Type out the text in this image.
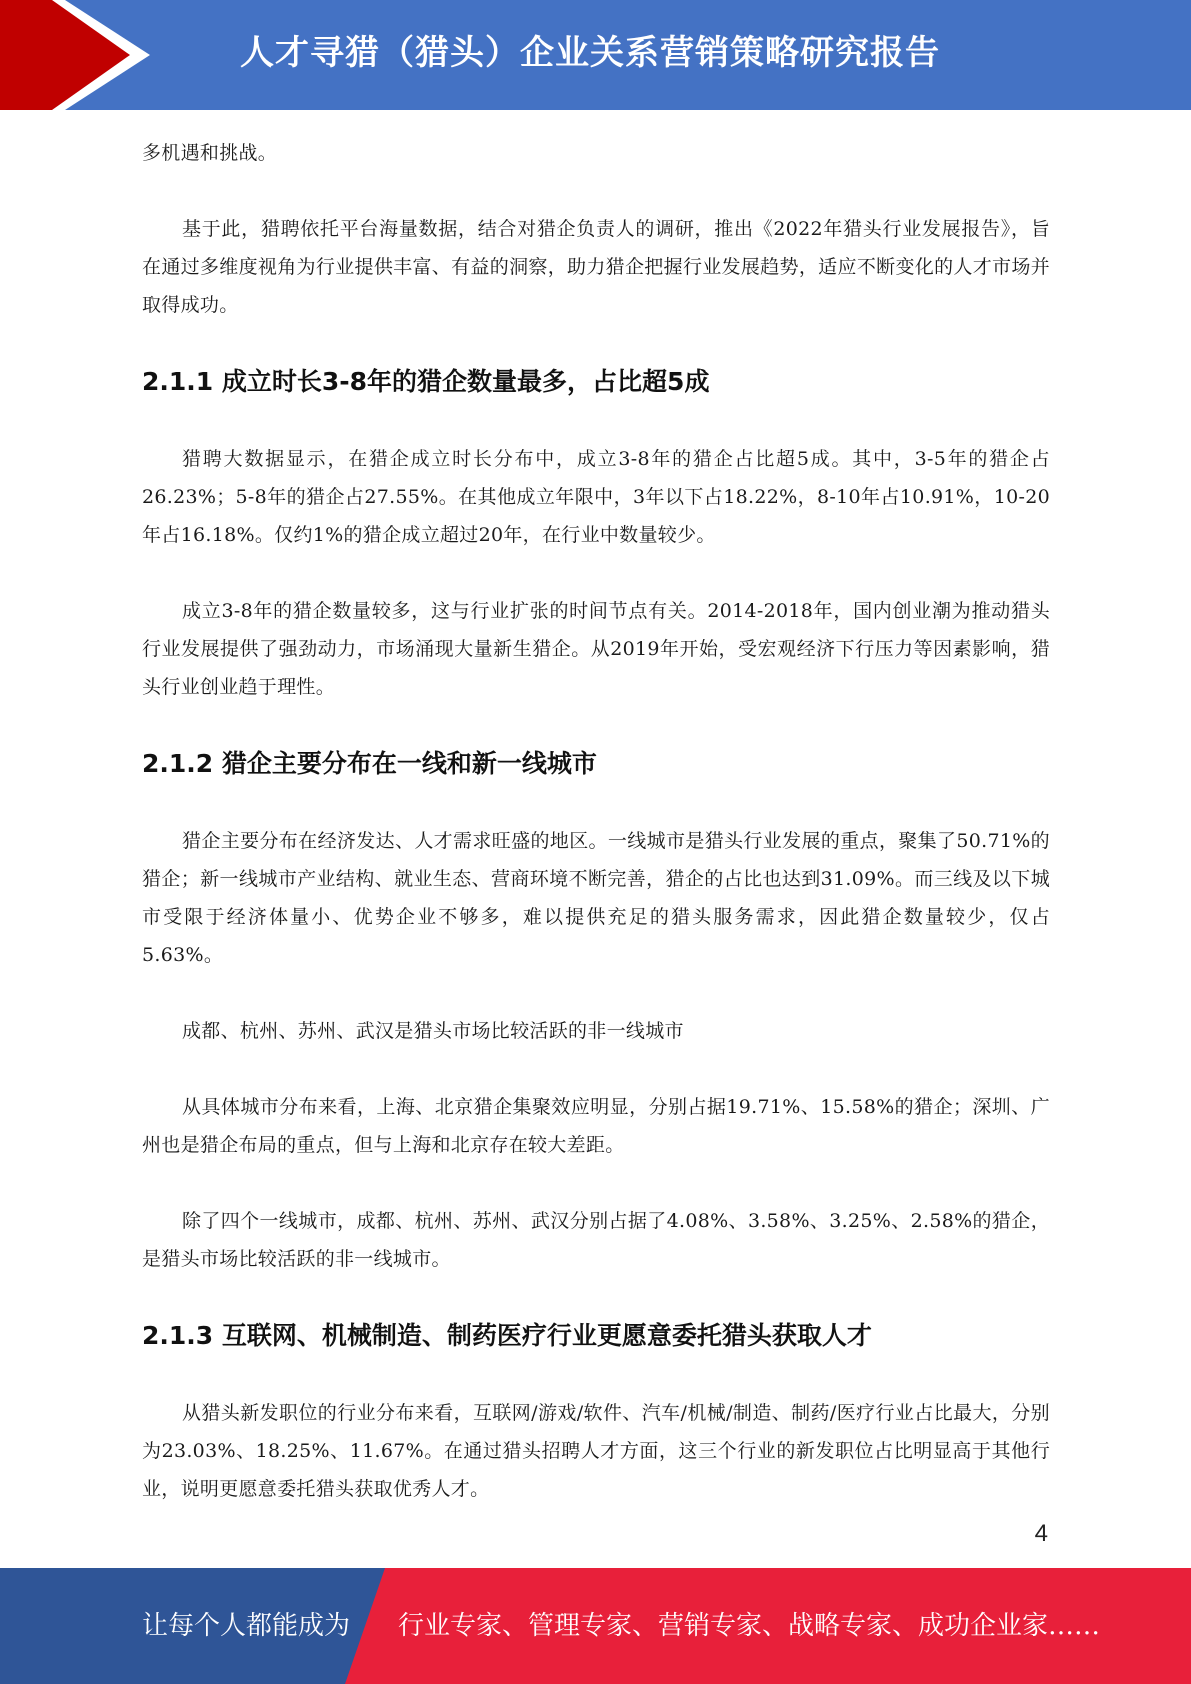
人才寻猎（猎头）企业关系营销策略研究报告

多机遇和挑战。

基于此，猎聘依托平台海量数据，结合对猎企负责人的调研，推出《2022年猎头行业发展报告》，旨在通过多维度视角为行业提供丰富、有益的洞察，助力猎企把握行业发展趋势，适应不断变化的人才市场并取得成功。

2.1.1 成立时长3-8年的猎企数量最多，占比超5成

猎聘大数据显示，在猎企成立时长分布中，成立3-8年的猎企占比超5成。其中，3-5年的猎企占26.23%；5-8年的猎企占27.55%。在其他成立年限中，3年以下占18.22%，8-10年占10.91%，10-20年占16.18%。仅约1%的猎企成立超过20年，在行业中数量较少。

成立3-8年的猎企数量较多，这与行业扩张的时间节点有关。2014-2018年，国内创业潮为推动猎头行业发展提供了强劲动力，市场涌现大量新生猎企。从2019年开始，受宏观经济下行压力等因素影响，猎头行业创业趋于理性。

2.1.2 猎企主要分布在一线和新一线城市

猎企主要分布在经济发达、人才需求旺盛的地区。一线城市是猎头行业发展的重点，聚集了50.71%的猎企；新一线城市产业结构、就业生态、营商环境不断完善，猎企的占比也达到31.09%。而三线及以下城市受限于经济体量小、优势企业不够多，难以提供充足的猎头服务需求，因此猎企数量较少，仅占5.63%。

成都、杭州、苏州、武汉是猎头市场比较活跃的非一线城市

从具体城市分布来看，上海、北京猎企集聚效应明显，分别占据19.71%、15.58%的猎企；深圳、广州也是猎企布局的重点，但与上海和北京存在较大差距。

除了四个一线城市，成都、杭州、苏州、武汉分别占据了4.08%、3.58%、3.25%、2.58%的猎企，是猎头市场比较活跃的非一线城市。

2.1.3 互联网、机械制造、制药医疗行业更愿意委托猎头获取人才

从猎头新发职位的行业分布来看，互联网/游戏/软件、汽车/机械/制造、制药/医疗行业占比最大，分别为23.03%、18.25%、11.67%。在通过猎头招聘人才方面，这三个行业的新发职位占比明显高于其他行业，说明更愿意委托猎头获取优秀人才。

4
让每个人都能成为 行业专家、管理专家、营销专家、战略专家、成功企业家……
